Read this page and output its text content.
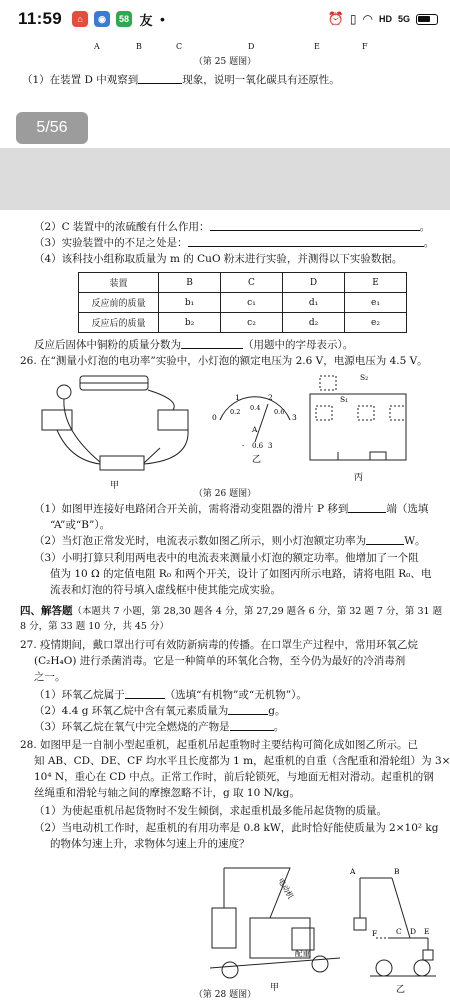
11:59	⌂	◉	58 友 •	⏰ ▯ ◠ HD 5G
A	B	C	D	E	F
（第 25 题图）
（1）在装置 D 中观察到	现象，说明一氧化碳具有还原性。
5/56
（2）C 装置中的浓硫酸有什么作用：	。
（3）实验装置中的不足之处是：	。
（4）该科技小组称取质量为 m 的 CuO 粉末进行实验，并测得以下实验数据。
装置	B	C	D	E
反应前的质量	b₁	c₁	d₁	e₁
反应后的质量	b₂	c₂	d₂	e₂
反应后固体中铜粉的质量分数为	（用题中的字母表示）。
26. 在“测量小灯泡的电功率”实验中，小灯泡的额定电压为 2.6 V，电源电压为 4.5 V。
甲
0
1	2
3
0.2 0.4 0.6
A
- 0.6 3
乙
S₂
S₁
丙
（第 26 题图）
（1）如图甲连接好电路闭合开关前，需将滑动变阻器的滑片 P 移到	端（选填
“A”或“B”）。
（2）当灯泡正常发光时，电流表示数如图乙所示，则小灯泡额定功率为	W。
（3）小明打算只利用两电表中的电流表来测量小灯泡的额定功率。他增加了一个阻
值为 10 Ω 的定值电阻 R₀ 和两个开关，设计了如图丙所示电路，请将电阻 R₀、电
流表和灯泡的符号填入虚线框中使其能完成实验。
四、解答题（本题共 7 小题，第 28,30 题各 4 分，第 27,29 题各 6 分，第 32 题 7 分，第 31 题
8 分，第 33 题 10 分，共 45 分）
27. 疫情期间，戴口罩出行可有效防新病毒的传播。在口罩生产过程中，常用环氧乙烷
(C₂H₄O) 进行杀菌消毒。它是一种简单的环氧化合物，至今仍为最好的冷消毒剂
之一。
（1）环氧乙烷属于	（选填“有机物”或“无机物”）。
（2）4.4 g 环氧乙烷中含有氧元素质量为	g。
（3）环氧乙烷在氧气中完全燃烧的产物是	。
28. 如图甲是一自制小型起重机，起重机吊起重物时主要结构可简化成如图乙所示。已
知 AB、CD、DE、CF 均水平且长度都为 1 m，起重机的自重（含配重和滑轮组）为 3×
10⁴ N，重心在 CD 中点。正常工作时，前后轮锁死，与地面无相对滑动。起重机的钢
丝绳重和滑轮与轴之间的摩擦忽略不计，g 取 10 N/kg。
（1）为使起重机吊起货物时不发生倾倒，求起重机最多能吊起货物的质量。
（2）当电动机工作时，起重机的有用功率是 0.8 kW，此时恰好能使质量为 2×10² kg
的物体匀速上升，求物体匀速上升的速度？
电动机
配重
甲
A	B
F	C D E
乙
（第 28 题图）
